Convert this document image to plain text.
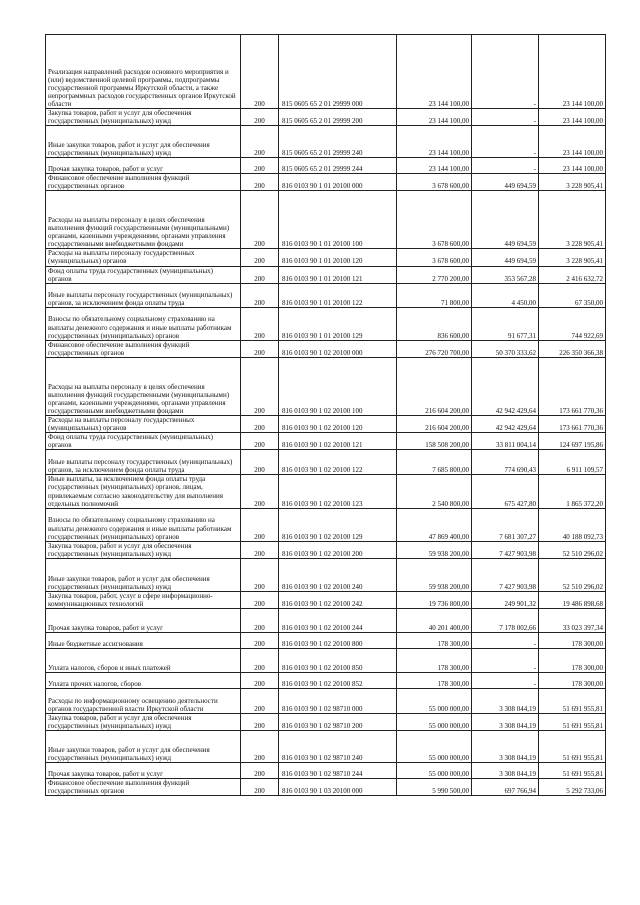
Реализация направлений расходов основного мероприятия и (или) ведомственной целевой программы, подпрограммы государственной программы Иркутской области, а также непрограммных расходов государственных органов Иркутской области	200	815 0605 65 2 01 29999 000	23 144 100,00	-	23 144 100,00
Закупка товаров, работ и услуг для обеспечения государственных (муниципальных) нужд	200	815 0605 65 2 01 29999 200	23 144 100,00	-	23 144 100,00
Иные закупки товаров, работ и услуг для обеспечения государственных (муниципальных) нужд	200	815 0605 65 2 01 29999 240	23 144 100,00	-	23 144 100,00
Прочая закупка товаров, работ и услуг	200	815 0605 65 2 01 29999 244	23 144 100,00	-	23 144 100,00
Финансовое обеспечение выполнения функций государственных органов	200	816 0103 90 1 01 20100 000	3 678 600,00	449 694,59	3 228 905,41
Расходы на выплаты персоналу в целях обеспечения выполнения функций государственными (муниципальными) органами, казенными учреждениями, органами управления государственными внебюджетными фондами	200	816 0103 90 1 01 20100 100	3 678 600,00	449 694,59	3 228 905,41
Расходы на выплаты персоналу государственных (муниципальных) органов	200	816 0103 90 1 01 20100 120	3 678 600,00	449 694,59	3 228 905,41
Фонд оплаты труда государственных (муниципальных) органов	200	816 0103 90 1 01 20100 121	2 770 200,00	353 567,28	2 416 632,72
Иные выплаты персоналу государственных (муниципальных) органов, за исключением фонда оплаты труда	200	816 0103 90 1 01 20100 122	71 800,00	4 450,00	67 350,00
Взносы по обязательному социальному страхованию на выплаты денежного содержания и иные выплаты работникам государственных (муниципальных) органов	200	816 0103 90 1 01 20100 129	836 600,00	91 677,31	744 922,69
Финансовое обеспечение выполнения функций государственных органов	200	816 0103 90 1 02 20100 000	276 720 700,00	50 370 333,62	226 350 366,38
Расходы на выплаты персоналу в целях обеспечения выполнения функций государственными (муниципальными) органами, казенными учреждениями, органами управления государственными внебюджетными фондами	200	816 0103 90 1 02 20100 100	216 604 200,00	42 942 429,64	173 661 770,36
Расходы на выплаты персоналу государственных (муниципальных) органов	200	816 0103 90 1 02 20100 120	216 604 200,00	42 942 429,64	173 661 770,36
Фонд оплаты труда государственных (муниципальных) органов	200	816 0103 90 1 02 20100 121	158 508 200,00	33 811 004,14	124 697 195,86
Иные выплаты персоналу государственных (муниципальных) органов, за исключением фонда оплаты труда	200	816 0103 90 1 02 20100 122	7 685 800,00	774 690,43	6 911 109,57
Иные выплаты, за исключением фонда оплаты труда государственных (муниципальных) органов, лицам, привлекаемым согласно законодательству для выполнения отдельных полномочий	200	816 0103 90 1 02 20100 123	2 540 800,00	675 427,80	1 865 372,20
Взносы по обязательному социальному страхованию на выплаты денежного содержания и иные выплаты работникам государственных (муниципальных) органов	200	816 0103 90 1 02 20100 129	47 869 400,00	7 681 307,27	40 188 092,73
Закупка товаров, работ и услуг для обеспечения государственных (муниципальных) нужд	200	816 0103 90 1 02 20100 200	59 938 200,00	7 427 903,98	52 510 296,02
Иные закупки товаров, работ и услуг для обеспечения государственных (муниципальных) нужд	200	816 0103 90 1 02 20100 240	59 938 200,00	7 427 903,98	52 510 296,02
Закупка товаров, работ, услуг в сфере информационно-коммуникационных технологий	200	816 0103 90 1 02 20100 242	19 736 800,00	249 901,32	19 486 898,68
Прочая закупка товаров, работ и услуг	200	816 0103 90 1 02 20100 244	40 201 400,00	7 178 002,66	33 023 397,34
Иные бюджетные ассигнования	200	816 0103 90 1 02 20100 800	178 300,00	-	178 300,00
Уплата налогов, сборов и иных платежей	200	816 0103 90 1 02 20100 850	178 300,00	-	178 300,00
Уплата прочих налогов, сборов	200	816 0103 90 1 02 20100 852	178 300,00	-	178 300,00
Расходы по информационному освещению деятельности органов государственной власти Иркутской области	200	816 0103 90 1 02 98710 000	55 000 000,00	3 308 044,19	51 691 955,81
Закупка товаров, работ и услуг для обеспечения государственных (муниципальных) нужд	200	816 0103 90 1 02 98710 200	55 000 000,00	3 308 044,19	51 691 955,81
Иные закупки товаров, работ и услуг для обеспечения государственных (муниципальных) нужд	200	816 0103 90 1 02 98710 240	55 000 000,00	3 308 044,19	51 691 955,81
Прочая закупка товаров, работ и услуг	200	816 0103 90 1 02 98710 244	55 000 000,00	3 308 044,19	51 691 955,81
Финансовое обеспечение выполнения функций государственных органов	200	816 0103 90 1 03 20100 000	5 990 500,00	697 766,94	5 292 733,06
